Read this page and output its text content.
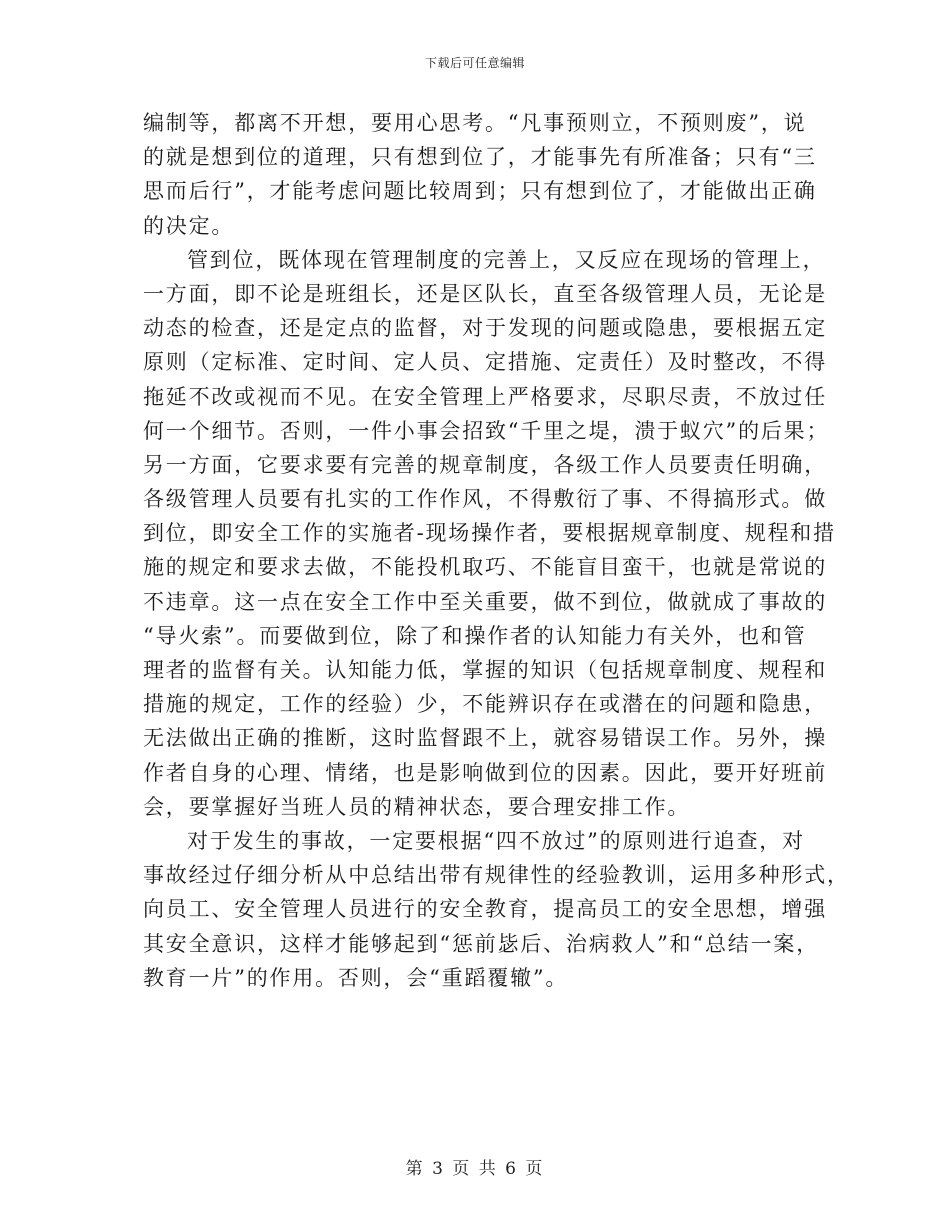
下载后可任意编辑
编制等，都离不开想，要用心思考。“凡事预则立，不预则废”，说
的就是想到位的道理，只有想到位了，才能事先有所准备；只有“三
思而后行”，才能考虑问题比较周到；只有想到位了，才能做出正确
的决定。
管到位，既体现在管理制度的完善上，又反应在现场的管理上，
一方面，即不论是班组长，还是区队长，直至各级管理人员，无论是
动态的检查，还是定点的监督，对于发现的问题或隐患，要根据五定
原则（定标准、定时间、定人员、定措施、定责任）及时整改，不得
拖延不改或视而不见。在安全管理上严格要求，尽职尽责，不放过任
何一个细节。否则，一件小事会招致“千里之堤，溃于蚁穴”的后果；
另一方面，它要求要有完善的规章制度，各级工作人员要责任明确，
各级管理人员要有扎实的工作作风，不得敷衍了事、不得搞形式。做
到位，即安全工作的实施者-现场操作者，要根据规章制度、规程和措
施的规定和要求去做，不能投机取巧、不能盲目蛮干，也就是常说的
不违章。这一点在安全工作中至关重要，做不到位，做就成了事故的
“导火索”。而要做到位，除了和操作者的认知能力有关外，也和管
理者的监督有关。认知能力低，掌握的知识（包括规章制度、规程和
措施的规定，工作的经验）少，不能辨识存在或潜在的问题和隐患，
无法做出正确的推断，这时监督跟不上，就容易错误工作。另外，操
作者自身的心理、情绪，也是影响做到位的因素。因此，要开好班前
会，要掌握好当班人员的精神状态，要合理安排工作。
对于发生的事故，一定要根据“四不放过”的原则进行追查，对
事故经过仔细分析从中总结出带有规律性的经验教训，运用多种形式，
向员工、安全管理人员进行的安全教育，提高员工的安全思想，增强
其安全意识，这样才能够起到“惩前毖后、治病救人”和“总结一案，
教育一片”的作用。否则，会“重蹈覆辙”。
第 3 页 共 6 页
